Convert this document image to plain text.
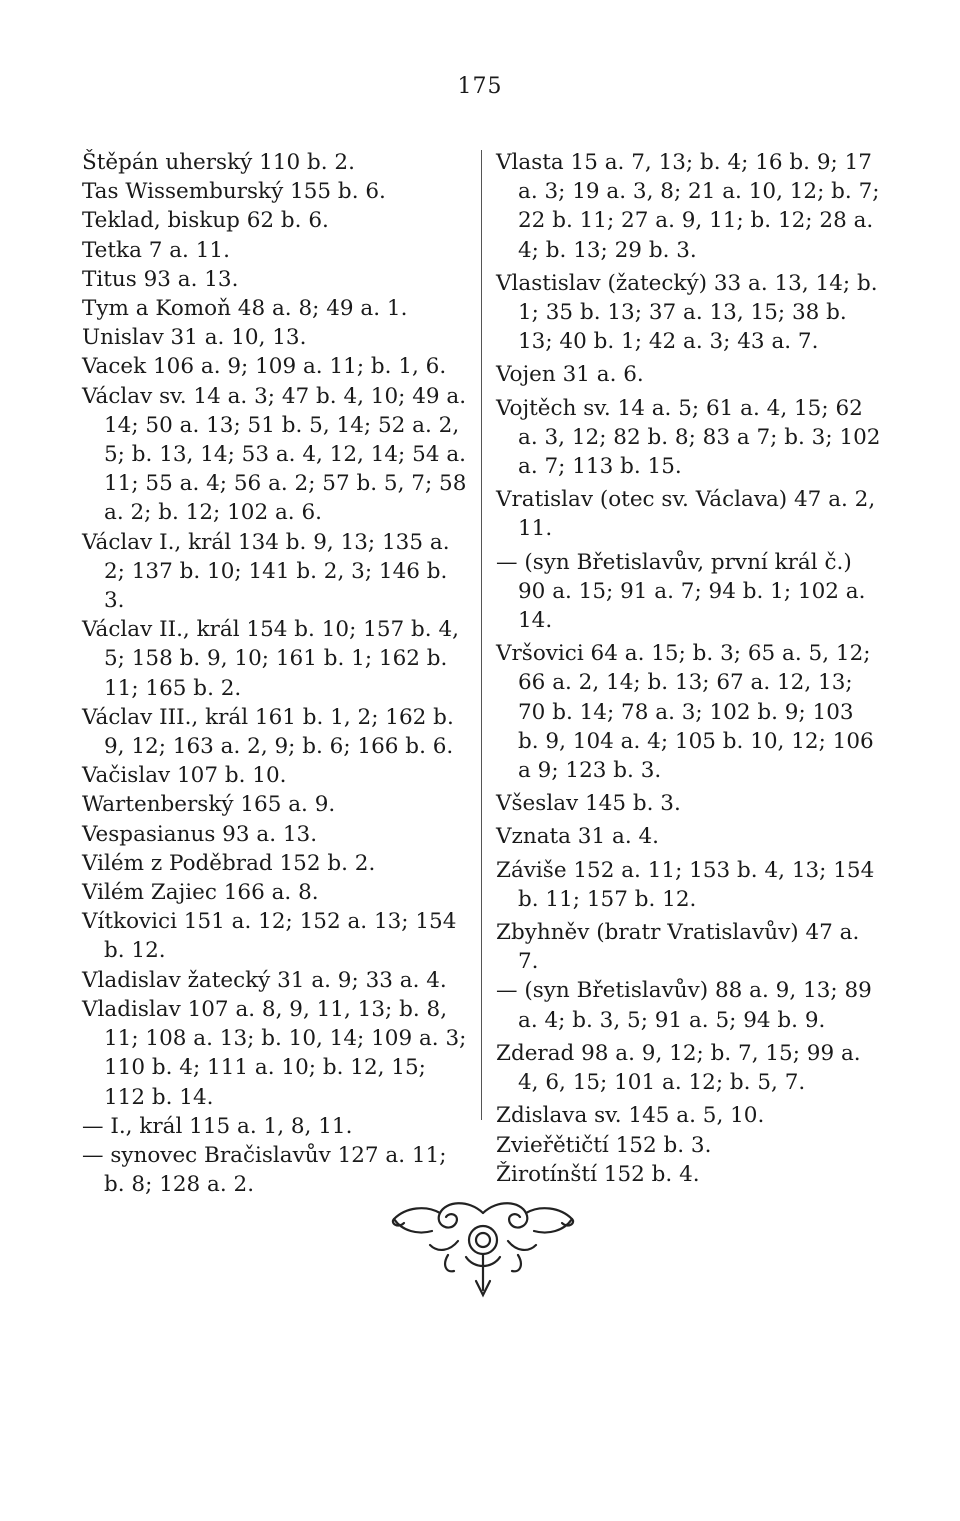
175

Štěpán uherský 110 b. 2.

Tas Wissemburský 155 b. 6.

Teklad, biskup 62 b. 6.

Tetka 7 a. 11.

Titus 93 a. 13.

Tym a Komoň 48 a. 8; 49 a. 1.

Unislav 31 a. 10, 13.

Vacek 106 a. 9; 109 a. 11; b. 1, 6.

Václav sv. 14 a. 3; 47 b. 4, 10; 49 a. 14; 50 a. 13; 51 b. 5, 14; 52 a. 2, 5; b. 13, 14; 53 a. 4, 12, 14; 54 a. 11; 55 a. 4; 56 a. 2; 57 b. 5, 7; 58 a. 2; b. 12; 102 a. 6.

Václav I., král 134 b. 9, 13; 135 a. 2; 137 b. 10; 141 b. 2, 3; 146 b. 3.

Václav II., král 154 b. 10; 157 b. 4, 5; 158 b. 9, 10; 161 b. 1; 162 b. 11; 165 b. 2.

Václav III., král 161 b. 1, 2; 162 b. 9, 12; 163 a. 2, 9; b. 6; 166 b. 6.

Vačislav 107 b. 10.

Wartenberský 165 a. 9.

Vespasianus 93 a. 13.

Vilém z Poděbrad 152 b. 2.

Vilém Zajiec 166 a. 8.

Vítkovici 151 a. 12; 152 a. 13; 154 b. 12.

Vladislav žatecký 31 a. 9; 33 a. 4.

Vladislav 107 a. 8, 9, 11, 13; b. 8, 11; 108 a. 13; b. 10, 14; 109 a. 3; 110 b. 4; 111 a. 10; b. 12, 15; 112 b. 14.

— I., král 115 a. 1, 8, 11.

— synovec Bračislavův 127 a. 11; b. 8; 128 a. 2.

Vlasta 15 a. 7, 13; b. 4; 16 b. 9; 17 a. 3; 19 a. 3, 8; 21 a. 10, 12; b. 7; 22 b. 11; 27 a. 9, 11; b. 12; 28 a. 4; b. 13; 29 b. 3.

Vlastislav (žatecký) 33 a. 13, 14; b. 1; 35 b. 13; 37 a. 13, 15; 38 b. 13; 40 b. 1; 42 a. 3; 43 a. 7.

Vojen 31 a. 6.

Vojtěch sv. 14 a. 5; 61 a. 4, 15; 62 a. 3, 12; 82 b. 8; 83 a 7; b. 3; 102 a. 7; 113 b. 15.

Vratislav (otec sv. Václava) 47 a. 2, 11.

— (syn Břetislavův, první král č.) 90 a. 15; 91 a. 7; 94 b. 1; 102 a. 14.

Vršovici 64 a. 15; b. 3; 65 a. 5, 12; 66 a. 2, 14; b. 13; 67 a. 12, 13; 70 b. 14; 78 a. 3; 102 b. 9; 103 b. 9, 104 a. 4; 105 b. 10, 12; 106 a 9; 123 b. 3.

Všeslav 145 b. 3.

Vznata 31 a. 4.

Záviše 152 a. 11; 153 b. 4, 13; 154 b. 11; 157 b. 12.

Zbyhněv (bratr Vratislavův) 47 a. 7.

— (syn Břetislavův) 88 a. 9, 13; 89 a. 4; b. 3, 5; 91 a. 5; 94 b. 9.

Zderad 98 a. 9, 12; b. 7, 15; 99 a. 4, 6, 15; 101 a. 12; b. 5, 7.

Zdislava sv. 145 a. 5, 10.

Zvieřětičtí 152 b. 3.

Žirotínští 152 b. 4.
